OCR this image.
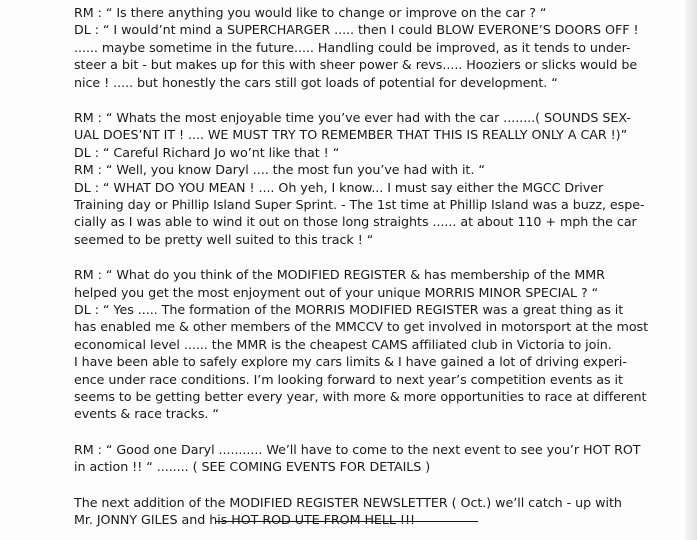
RM : “ Is there anything you would like to change or improve on the car ? “
DL : “ I would’nt mind a SUPERCHARGER ..... then I could BLOW EVERONE’S DOORS OFF !
...... maybe sometime in the future..... Handling could be improved, as it tends to under-
steer a bit - but makes up for this with sheer power & revs..... Hooziers or slicks would be
nice ! ..... but honestly the cars still got loads of potential for development. “
RM : “ Whats the most enjoyable time you’ve ever had with the car ........( SOUNDS SEX-
UAL DOES’NT IT ! .... WE MUST TRY TO REMEMBER THAT THIS IS REALLY ONLY A CAR !)”
DL : “ Careful Richard Jo wo’nt like that ! “
RM : “ Well, you know Daryl .... the most fun you’ve had with it. “
DL : “ WHAT DO YOU MEAN ! .... Oh yeh, I know... I must say either the MGCC Driver
Training day or Phillip Island Super Sprint. - The 1st time at Phillip Island was a buzz, espe-
cially as I was able to wind it out on those long straights ...... at about 110 + mph the car
seemed to be pretty well suited to this track ! “
RM : “ What do you think of the MODIFIED REGISTER & has membership of the MMR
helped you get the most enjoyment out of your unique MORRIS MINOR SPECIAL ? “
DL : “ Yes ..... The formation of the MORRIS MODIFIED REGISTER was a great thing as it
has enabled me & other members of the MMCCV to get involved in motorsport at the most
economical level ...... the MMR is the cheapest CAMS affiliated club in Victoria to join.
I have been able to safely explore my cars limits & I have gained a lot of driving experi-
ence under race conditions. I’m looking forward to next year’s competition events as it
seems to be getting better every year, with more & more opportunities to race at different
events & race tracks. “
RM : “ Good one Daryl ........... We’ll have to come to the next event to see you’r HOT ROT
in action !! “ ........ ( SEE COMING EVENTS FOR DETAILS )
The next addition of the MODIFIED REGISTER NEWSLETTER ( Oct.) we’ll catch - up with
Mr. JONNY GILES and his HOT ROD UTE FROM HELL !!!
